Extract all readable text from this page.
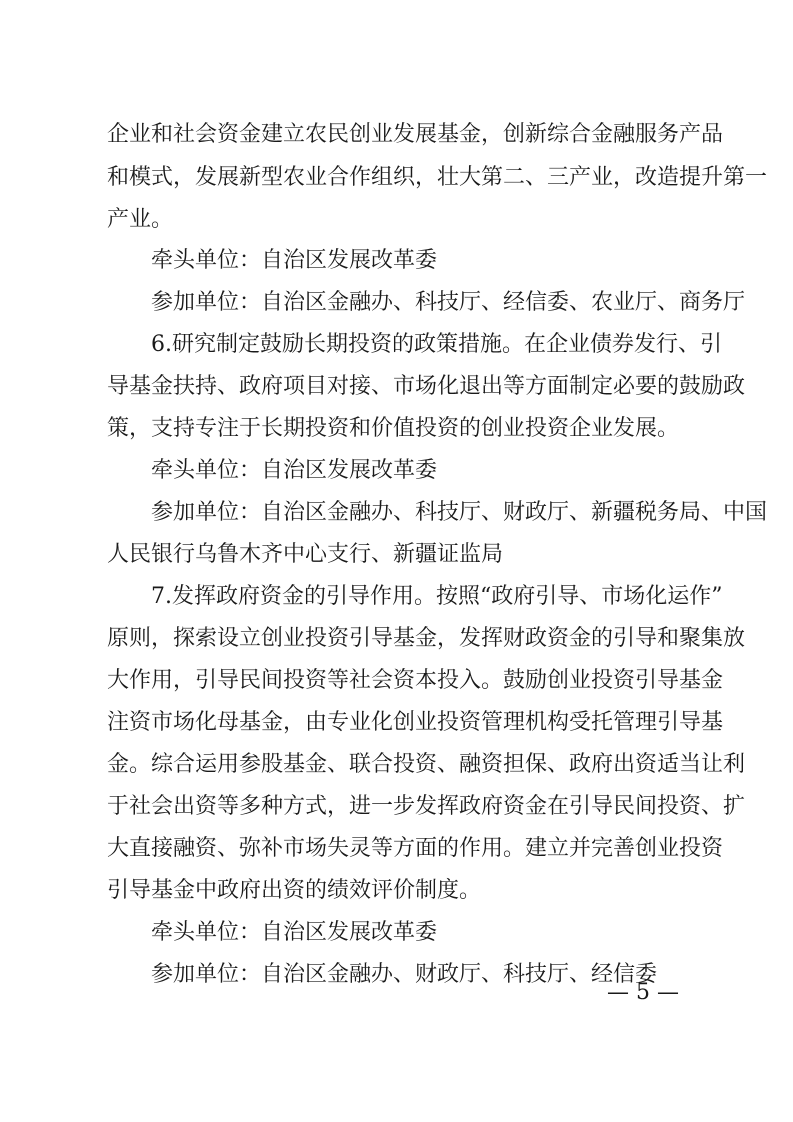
企业和社会资金建立农民创业发展基金，创新综合金融服务产品
和模式，发展新型农业合作组织，壮大第二、三产业，改造提升第一
产业。
牵头单位：自治区发展改革委
参加单位：自治区金融办、科技厅、经信委、农业厅、商务厅
6.研究制定鼓励长期投资的政策措施。在企业债券发行、引
导基金扶持、政府项目对接、市场化退出等方面制定必要的鼓励政
策，支持专注于长期投资和价值投资的创业投资企业发展。
牵头单位：自治区发展改革委
参加单位：自治区金融办、科技厅、财政厅、新疆税务局、中国
人民银行乌鲁木齐中心支行、新疆证监局
7.发挥政府资金的引导作用。按照“政府引导、市场化运作”
原则，探索设立创业投资引导基金，发挥财政资金的引导和聚集放
大作用，引导民间投资等社会资本投入。鼓励创业投资引导基金
注资市场化母基金，由专业化创业投资管理机构受托管理引导基
金。综合运用参股基金、联合投资、融资担保、政府出资适当让利
于社会出资等多种方式，进一步发挥政府资金在引导民间投资、扩
大直接融资、弥补市场失灵等方面的作用。建立并完善创业投资
引导基金中政府出资的绩效评价制度。
牵头单位：自治区发展改革委
参加单位：自治区金融办、财政厅、科技厅、经信委
— 5 —
